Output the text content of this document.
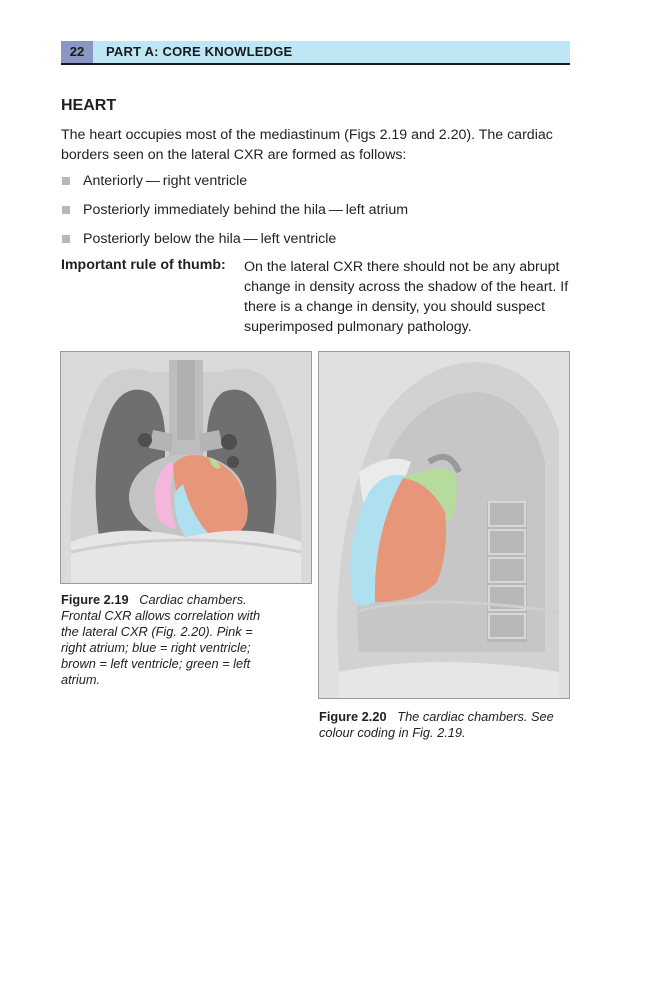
22	PART A: CORE KNOWLEDGE
HEART

The heart occupies most of the mediastinum (Figs 2.19 and 2.20). The cardiac borders seen on the lateral CXR are formed as follows:

Anteriorly — right ventricle
Posteriorly immediately behind the hila — left atrium
Posteriorly below the hila — left ventricle

Important rule of thumb: On the lateral CXR there should not be any abrupt change in density across the shadow of the heart. If there is a change in density, you should suspect superimposed pulmonary pathology.

Figure 2.19 Cardiac chambers. Frontal CXR allows correlation with the lateral CXR (Fig. 2.20). Pink = right atrium; blue = right ventricle; brown = left ventricle; green = left atrium.

Figure 2.20 The cardiac chambers. See colour coding in Fig. 2.19.
